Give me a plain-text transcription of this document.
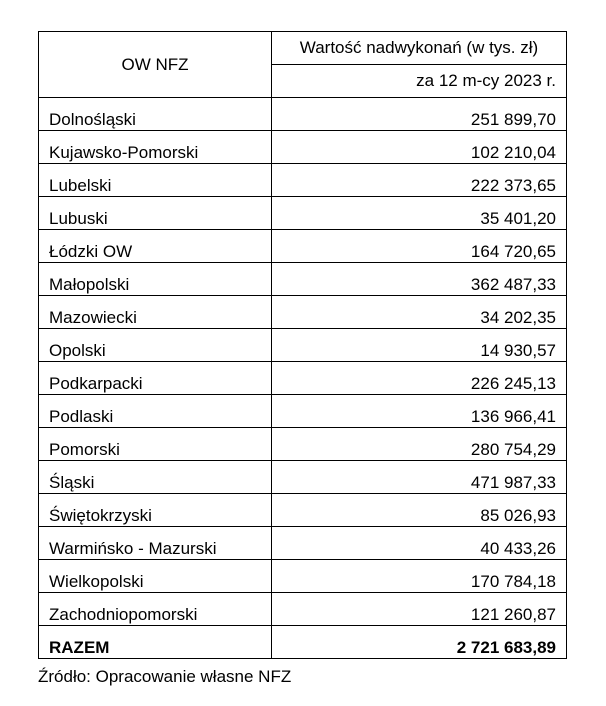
OW NFZ	Wartość nadwykonań (w tys. zł)
	za 12 m-cy 2023 r.
Dolnośląski	251 899,70
Kujawsko-Pomorski	102 210,04
Lubelski	222 373,65
Lubuski	35 401,20
Łódzki OW	164 720,65
Małopolski	362 487,33
Mazowiecki	34 202,35
Opolski	14 930,57
Podkarpacki	226 245,13
Podlaski	136 966,41
Pomorski	280 754,29
Śląski	471 987,33
Świętokrzyski	85 026,93
Warmińsko - Mazurski	40 433,26
Wielkopolski	170 784,18
Zachodniopomorski	121 260,87
RAZEM	2 721 683,89
Źródło: Opracowanie własne NFZ
